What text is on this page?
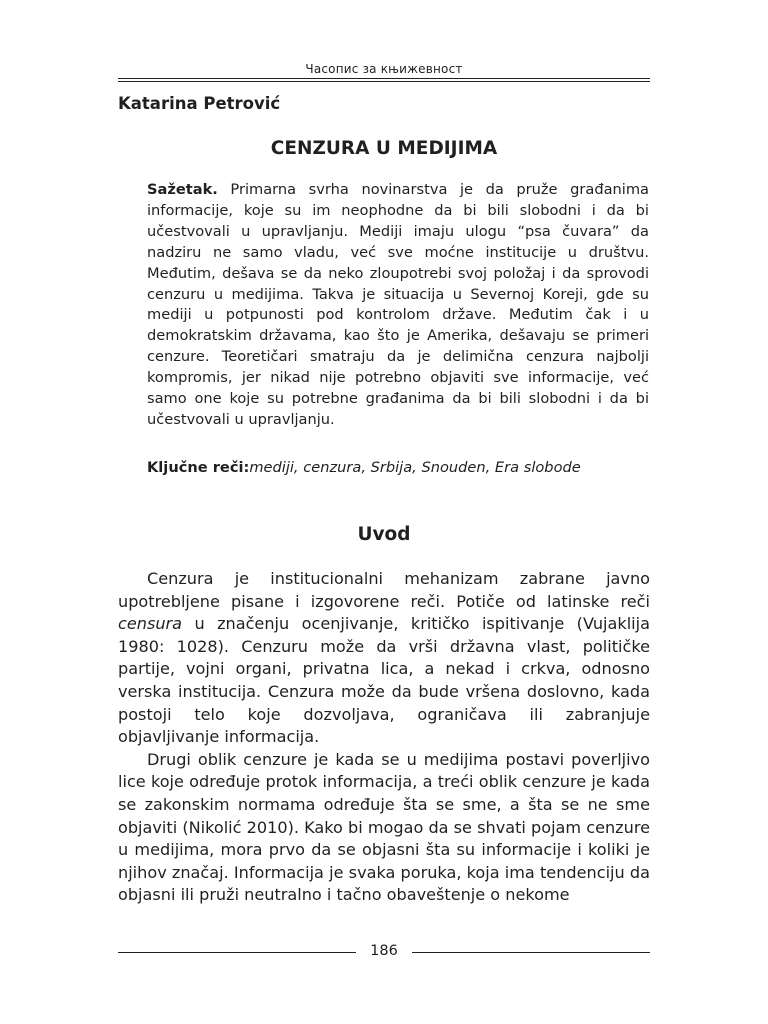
Часопис за књижевност
Katarina Petrović
CENZURA U MEDIJIMA

Sažetak. Primarna svrha novinarstva je da pruže građanima informacije, koje su im neophodne da bi bili slobodni i da bi učestvovali u upravljanju. Mediji imaju ulogu “psa čuvara” da nadziru ne samo vladu, već sve moćne institucije u društvu. Međutim, dešava se da neko zloupotrebi svoj položaj i da sprovodi cenzuru u medijima. Takva je situacija u Severnoj Koreji, gde su mediji u potpunosti pod kontrolom države. Međutim čak i u demokratskim državama, kao što je Amerika, dešavaju se primeri cenzure. Teoretičari smatraju da je delimična cenzura najbolji kompromis, jer nikad nije potrebno objaviti sve informacije, već samo one koje su potrebne građanima da bi bili slobodni i da bi učestvovali u upravljanju.

Ključne reči:mediji, cenzura, Srbija, Snouden, Era slobode

Uvod

Cenzura je institucionalni mehanizam zabrane javno upotrebljene pisane i izgovorene reči. Potiče od latinske reči censura u značenju ocenjivanje, kritičko ispitivanje (Vujaklija 1980: 1028). Cenzuru može da vrši državna vlast, političke partije, vojni organi, privatna lica, a nekad i crkva, odnosno verska institucija. Cenzura može da bude vršena doslovno, kada postoji telo koje dozvoljava, ograničava ili zabranjuje objavljivanje informacija.

Drugi oblik cenzure je kada se u medijima postavi poverljivo lice koje određuje protok informacija, a treći oblik cenzure je kada se zakonskim normama određuje šta se sme, a šta se ne sme objaviti (Nikolić 2010). Kako bi mogao da se shvati pojam cenzure u medijima, mora prvo da se objasni šta su informacije i koliki je njihov značaj. Informacija je svaka poruka, koja ima tendenciju da objasni ili pruži neutralno i tačno obaveštenje o nekome

186
